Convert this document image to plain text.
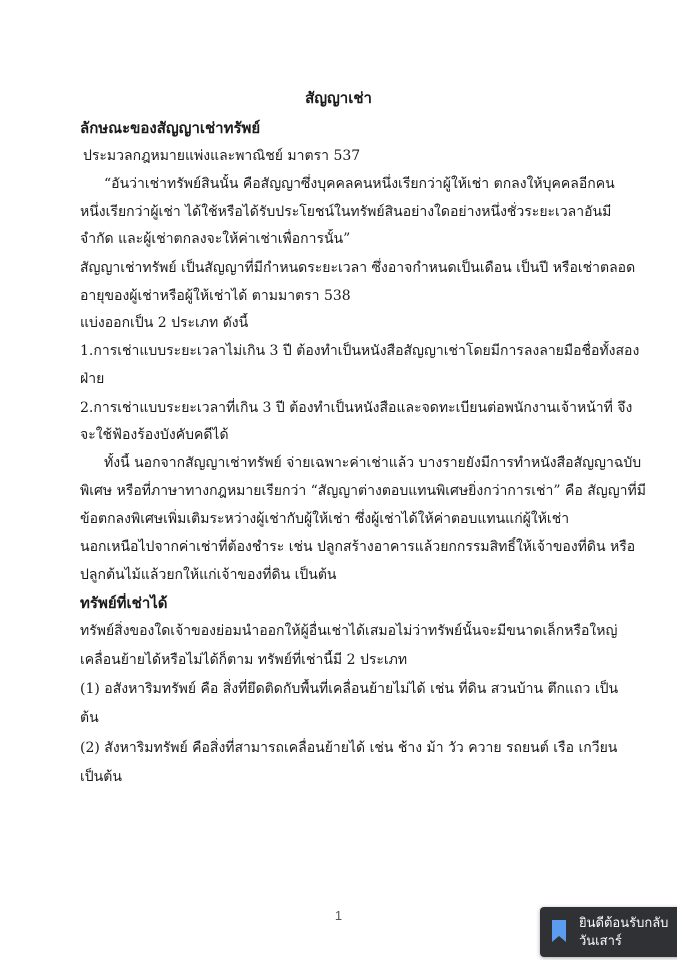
สัญญาเช่า
ลักษณะของสัญญาเช่าทรัพย์
ประมวลกฎหมายแพ่งและพาณิชย์ มาตรา 537
“อันว่าเช่าทรัพย์สินนั้น คือสัญญาซึ่งบุคคลคนหนึ่งเรียกว่าผู้ให้เช่า ตกลงให้บุคคลอีกคน
หนึ่งเรียกว่าผู้เช่า ได้ใช้หรือได้รับประโยชน์ในทรัพย์สินอย่างใดอย่างหนึ่งชั่วระยะเวลาอันมี
จำกัด และผู้เช่าตกลงจะให้ค่าเช่าเพื่อการนั้น”
สัญญาเช่าทรัพย์ เป็นสัญญาที่มีกำหนดระยะเวลา ซึ่งอาจกำหนดเป็นเดือน เป็นปี หรือเช่าตลอด
อายุของผู้เช่าหรือผู้ให้เช่าได้ ตามมาตรา 538
แบ่งออกเป็น 2 ประเภท ดังนี้
1.การเช่าแบบระยะเวลาไม่เกิน 3 ปี ต้องทำเป็นหนังสือสัญญาเช่าโดยมีการลงลายมือชื่อทั้งสอง
ฝ่าย
2.การเช่าแบบระยะเวลาที่เกิน 3 ปี ต้องทำเป็นหนังสือและจดทะเบียนต่อพนักงานเจ้าหน้าที่ จึง
จะใช้ฟ้องร้องบังคับคดีได้
ทั้งนี้ นอกจากสัญญาเช่าทรัพย์ จ่ายเฉพาะค่าเช่าแล้ว บางรายยังมีการทำหนังสือสัญญาฉบับ
พิเศษ หรือที่ภาษาทางกฎหมายเรียกว่า “สัญญาต่างตอบแทนพิเศษยิ่งกว่าการเช่า” คือ สัญญาที่มี
ข้อตกลงพิเศษเพิ่มเติมระหว่างผู้เช่ากับผู้ให้เช่า ซึ่งผู้เช่าได้ให้ค่าตอบแทนแก่ผู้ให้เช่า
นอกเหนือไปจากค่าเช่าที่ต้องชำระ เช่น ปลูกสร้างอาคารแล้วยกกรรมสิทธิ์ให้เจ้าของที่ดิน หรือ
ปลูกต้นไม้แล้วยกให้แก่เจ้าของที่ดิน เป็นต้น
ทรัพย์ที่เช่าได้
ทรัพย์สิ่งของใดเจ้าของย่อมนำออกให้ผู้อื่นเช่าได้เสมอไม่ว่าทรัพย์นั้นจะมีขนาดเล็กหรือใหญ่
เคลื่อนย้ายได้หรือไม่ได้ก็ตาม ทรัพย์ที่เช่านี้มี 2 ประเภท
(1) อสังหาริมทรัพย์ คือ สิ่งที่ยึดติดกับพื้นที่เคลื่อนย้ายไม่ได้ เช่น ที่ดิน สวนบ้าน ตึกแถว เป็น
ต้น
(2) สังหาริมทรัพย์ คือสิ่งที่สามารถเคลื่อนย้ายได้ เช่น ช้าง ม้า วัว ควาย รถยนต์ เรือ เกวียน
เป็นต้น
1
ยินดีต้อนรับกลับ
วันเสาร์
